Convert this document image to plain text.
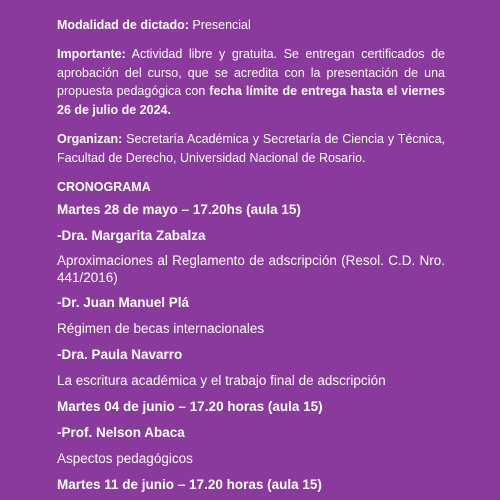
Modalidad de dictado: Presencial

Importante: Actividad libre y gratuita. Se entregan certificados de aprobación del curso, que se acredita con la presentación de una propuesta pedagógica con fecha límite de entrega hasta el viernes 26 de julio de 2024.

Organizan: Secretaría Académica y Secretaría de Ciencia y Técnica, Facultad de Derecho, Universidad Nacional de Rosario.

CRONOGRAMA

Martes 28 de mayo – 17.20hs (aula 15)

-Dra. Margarita Zabalza

Aproximaciones al Reglamento de adscripción (Resol. C.D. Nro. 441/2016)

-Dr. Juan Manuel Plá

Régimen de becas internacionales

-Dra. Paula Navarro

La escritura académica y el trabajo final de adscripción

Martes 04 de junio – 17.20 horas (aula 15)

-Prof. Nelson Abaca

Aspectos pedagógicos

Martes 11 de junio – 17.20 horas (aula 15)
